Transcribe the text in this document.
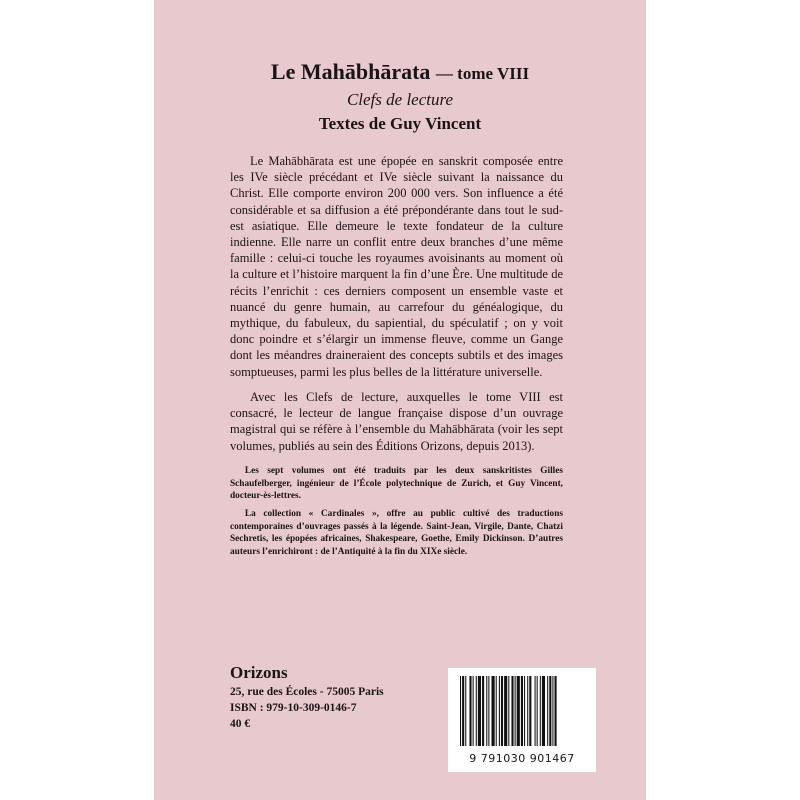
Le Mahābhārata — tome VIII
Clefs de lecture
Textes de Guy Vincent

Le Mahābhārata est une épopée en sanskrit composée entre les IVe siècle précédant et IVe siècle suivant la naissance du Christ. Elle comporte environ 200 000 vers. Son influence a été considérable et sa diffusion a été prépondérante dans tout le sud-est asiatique. Elle demeure le texte fondateur de la culture indienne. Elle narre un conflit entre deux branches d’une même famille : celui-ci touche les royaumes avoisinants au moment où la culture et l’histoire marquent la fin d’une Ère. Une multitude de récits l’enrichit : ces derniers composent un ensemble vaste et nuancé du genre humain, au carrefour du généalogique, du mythique, du fabuleux, du sapiential, du spéculatif ; on y voit donc poindre et s’élargir un immense fleuve, comme un Gange dont les méandres draineraient des concepts subtils et des images somptueuses, parmi les plus belles de la littérature universelle.

Avec les Clefs de lecture, auxquelles le tome VIII est consacré, le lecteur de langue française dispose d’un ouvrage magistral qui se réfère à l’ensemble du Mahābhārata (voir les sept volumes, publiés au sein des Éditions Orizons, depuis 2013).

Les sept volumes ont été traduits par les deux sanskritistes Gilles Schaufelberger, ingénieur de l’École polytechnique de Zurich, et Guy Vincent, docteur-ès-lettres.

La collection « Cardinales », offre au public cultivé des traductions contemporaines d’ouvrages passés à la légende. Saint-Jean, Virgile, Dante, Chatzi Sechretis, les épopées africaines, Shakespeare, Goethe, Emily Dickinson. D’autres auteurs l’enrichiront : de l’Antiquité à la fin du XIXe siècle.

Orizons
25, rue des Écoles - 75005 Paris
ISBN : 979-10-309-0146-7
40 €
9 791030 901467
